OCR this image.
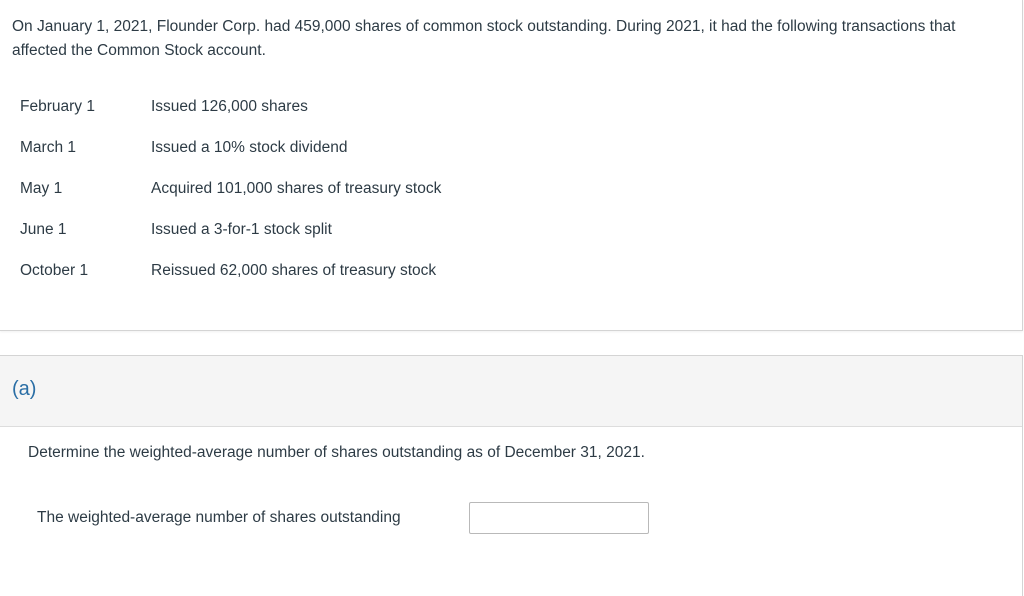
On January 1, 2021, Flounder Corp. had 459,000 shares of common stock outstanding. During 2021, it had the following transactions that affected the Common Stock account.
February 1	Issued 126,000 shares
March 1	Issued a 10% stock dividend
May 1	Acquired 101,000 shares of treasury stock
June 1	Issued a 3-for-1 stock split
October 1	Reissued 62,000 shares of treasury stock
(a)
Determine the weighted-average number of shares outstanding as of December 31, 2021.
The weighted-average number of shares outstanding
